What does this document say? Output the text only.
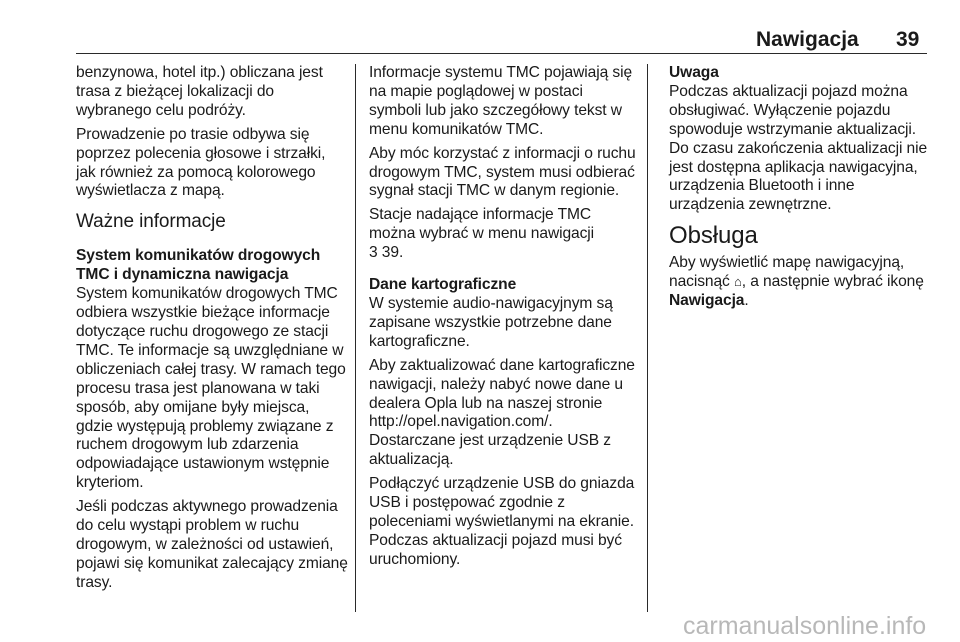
Nawigacja 39

benzynowa, hotel itp.) obliczana jest trasa z bieżącej lokalizacji do wybranego celu podróży.

Prowadzenie po trasie odbywa się poprzez polecenia głosowe i strzałki, jak również za pomocą kolorowego wyświetlacza z mapą.

Ważne informacje

System komunikatów drogowych TMC i dynamiczna nawigacja

System komunikatów drogowych TMC odbiera wszystkie bieżące informacje dotyczące ruchu drogowego ze stacji TMC. Te informacje są uwzględniane w obliczeniach całej trasy. W ramach tego procesu trasa jest planowana w taki sposób, aby omijane były miejsca, gdzie występują problemy związane z ruchem drogowym lub zdarzenia odpowiadające ustawionym wstępnie kryteriom.

Jeśli podczas aktywnego prowadzenia do celu wystąpi problem w ruchu drogowym, w zależności od ustawień, pojawi się komunikat zalecający zmianę trasy.

Informacje systemu TMC pojawiają się na mapie poglądowej w postaci symboli lub jako szczegółowy tekst w menu komunikatów TMC.

Aby móc korzystać z informacji o ruchu drogowym TMC, system musi odbierać sygnał stacji TMC w danym regionie.

Stacje nadające informacje TMC można wybrać w menu nawigacji
3 39.

Dane kartograficzne

W systemie audio-nawigacyjnym są zapisane wszystkie potrzebne dane kartograficzne.

Aby zaktualizować dane kartograficzne nawigacji, należy nabyć nowe dane u dealera Opla lub na naszej stronie
http://opel.navigation.com/.
Dostarczane jest urządzenie USB z aktualizacją.

Podłączyć urządzenie USB do gniazda USB i postępować zgodnie z poleceniami wyświetlanymi na ekranie. Podczas aktualizacji pojazd musi być uruchomiony.

Uwaga

Podczas aktualizacji pojazd można obsługiwać. Wyłączenie pojazdu spowoduje wstrzymanie aktualizacji. Do czasu zakończenia aktualizacji nie jest dostępna aplikacja nawigacyjna, urządzenia Bluetooth i inne urządzenia zewnętrzne.

Obsługa

Aby wyświetlić mapę nawigacyjną, nacisnąć ⌂, a następnie wybrać ikonę Nawigacja.

carmanualsonline.info
